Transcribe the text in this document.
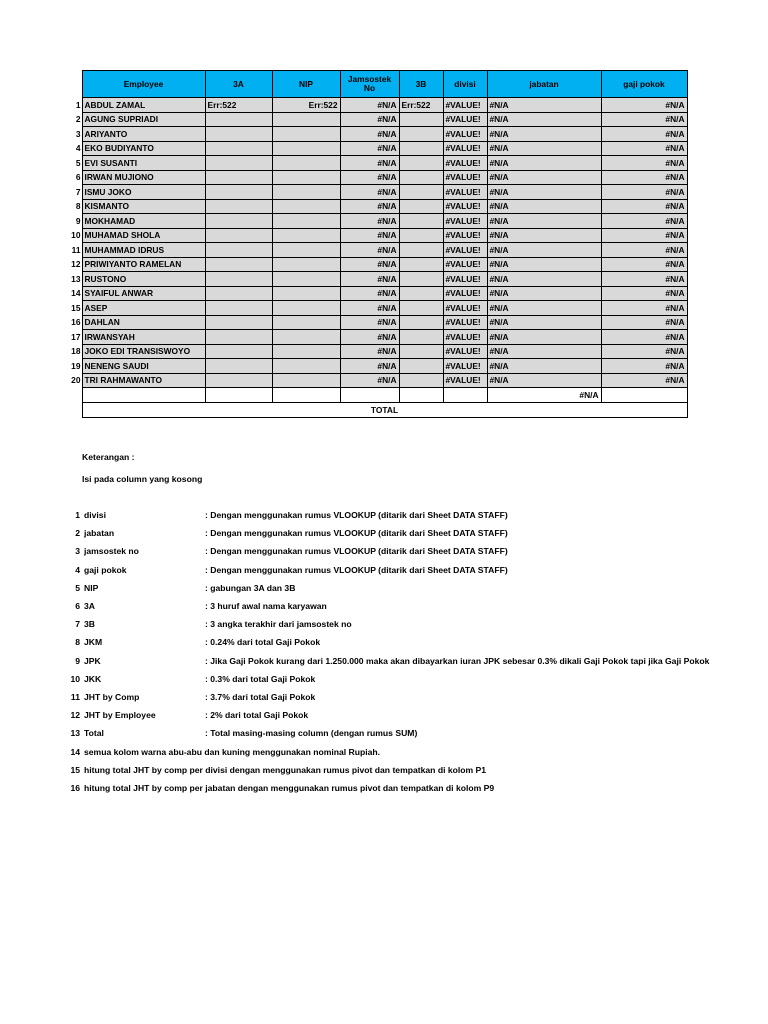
	Employee	3A	NIP	Jamsostek No	3B	divisi	jabatan	gaji pokok
1	ABDUL ZAMAL	Err:522	Err:522	#N/A	Err:522	#VALUE!	#N/A	#N/A
2	AGUNG SUPRIADI			#N/A		#VALUE!	#N/A	#N/A
3	ARIYANTO			#N/A		#VALUE!	#N/A	#N/A
4	EKO BUDIYANTO			#N/A		#VALUE!	#N/A	#N/A
5	EVI SUSANTI			#N/A		#VALUE!	#N/A	#N/A
6	IRWAN MUJIONO			#N/A		#VALUE!	#N/A	#N/A
7	ISMU JOKO			#N/A		#VALUE!	#N/A	#N/A
8	KISMANTO			#N/A		#VALUE!	#N/A	#N/A
9	MOKHAMAD			#N/A		#VALUE!	#N/A	#N/A
10	MUHAMAD SHOLA			#N/A		#VALUE!	#N/A	#N/A
11	MUHAMMAD IDRUS			#N/A		#VALUE!	#N/A	#N/A
12	PRIWIYANTO RAMELAN			#N/A		#VALUE!	#N/A	#N/A
13	RUSTONO			#N/A		#VALUE!	#N/A	#N/A
14	SYAIFUL ANWAR			#N/A		#VALUE!	#N/A	#N/A
15	ASEP			#N/A		#VALUE!	#N/A	#N/A
16	DAHLAN			#N/A		#VALUE!	#N/A	#N/A
17	IRWANSYAH			#N/A		#VALUE!	#N/A	#N/A
18	JOKO EDI TRANSISWOYO			#N/A		#VALUE!	#N/A	#N/A
19	NENENG SAUDI			#N/A		#VALUE!	#N/A	#N/A
20	TRI RAHMAWANTO			#N/A		#VALUE!	#N/A	#N/A
							#N/A	
	TOTAL							
Keterangan :
Isi pada column yang kosong
1 divisi	: Dengan menggunakan rumus VLOOKUP (ditarik dari Sheet DATA STAFF)
2 jabatan	: Dengan menggunakan rumus VLOOKUP (ditarik dari Sheet DATA STAFF)
3 jamsostek no	: Dengan menggunakan rumus VLOOKUP (ditarik dari Sheet DATA STAFF)
4 gaji pokok	: Dengan menggunakan rumus VLOOKUP (ditarik dari Sheet DATA STAFF)
5 NIP	: gabungan 3A dan 3B
6 3A	: 3 huruf awal nama karyawan
7 3B	: 3 angka terakhir dari jamsostek no
8 JKM	: 0.24% dari total Gaji Pokok
9 JPK	: Jika Gaji Pokok kurang dari 1.250.000 maka akan dibayarkan iuran JPK sebesar 0.3% dikali Gaji Pokok tapi jika Gaji Pokok
10 JKK	: 0.3% dari total Gaji Pokok
11 JHT by Comp	: 3.7% dari total Gaji Pokok
12 JHT by Employee	: 2% dari total Gaji Pokok
13 Total	: Total masing-masing column (dengan rumus SUM)
14 semua kolom warna abu-abu dan kuning menggunakan nominal Rupiah.
15 hitung total JHT by comp per divisi dengan menggunakan rumus pivot dan tempatkan di kolom P1
16 hitung total JHT by comp per jabatan dengan menggunakan rumus pivot dan tempatkan di kolom P9
